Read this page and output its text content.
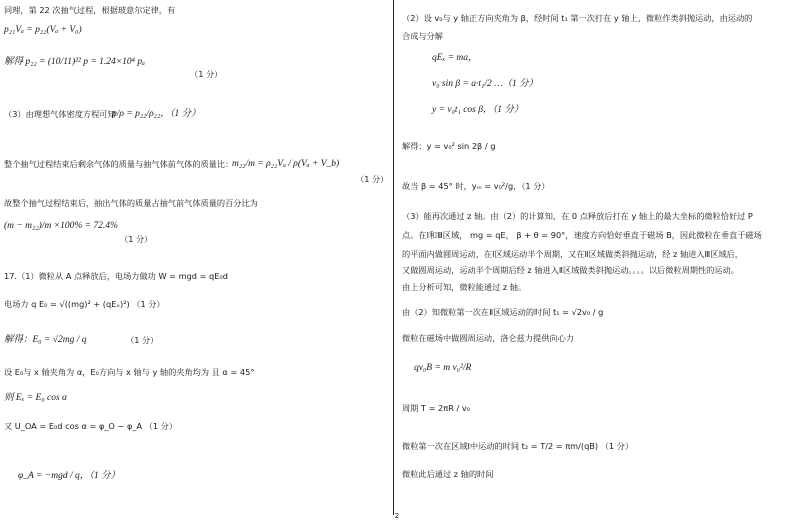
同理，第 22 次抽气过程，根据玻意尔定律，有
p₂₁Vₐ = p₂₂(Vₐ + V₀)
解得 p₂₂ = (10/11)²² p = 1.24×10⁴ pₐ
（1 分）
（3）由理想气体密度方程可知
p/ρ = p₂₂/ρ₂₂，（1 分）
整个抽气过程结束后剩余气体的质量与抽气体前气体的质量比：
m₂₂/m = ρ₂₂Vₐ / ρ(Vₐ + V_b)
（1 分）
故整个抽气过程结束后，抽出气体的质量占抽气前气体质量的百分比为
(m − m₂₂)/m ×100% = 72.4%
（1 分）
17.（1）微粒从 A 点释放后，电场力做功 W = mgd = qE₀d
电场力 q E₀ = √((mg)² + (qEₓ)²) （1 分）
解得：E₀ = √2mg / q	（1 分）
设 E₀与 x 轴夹角为 α，E₀方向与 x 轴与 y 轴的夹角均为 且 α = 45°
则 Eₓ = E₀ cos α
又 U_OA = E₀d cos α = φ_O − φ_A （1 分）
φ_A = −mgd / q，（1 分）
（2）设 v₀与 y 轴正方向夹角为 β，经时间 t₁ 第一次打在 y 轴上，微粒作类斜抛运动，由运动的
合成与分解
qEₓ = ma，
v₀ sin β = a·t₁/2 …（1 分）
y = v₀t₁ cos β，（1 分）
解得：y = v₀² sin 2β / g
故当 β = 45° 时，yₘ = v₀²/g，（1 分）
（3）能再次通过 z 轴。由（2）的计算知，在 0 点释放后打在 y 轴上的最大坐标的微粒恰好过 P
点。在Ⅰ和Ⅲ区域， mg = qE， β + θ = 90°，速度方向恰好垂直于磁场 B，因此微粒在垂直于磁场
的平面内做圆周运动，在Ⅰ区域运动半个周期，又在Ⅱ区域做类斜抛运动，经 z 轴进入Ⅲ区域后，
又做圆周运动，运动半个周期后经 z 轴进入Ⅱ区域做类斜抛运动。。。。以后微粒周期性的运动。
由上分析可知，微粒能通过 z 轴。
由（2）知微粒第一次在Ⅱ区域运动的时间 t₁ = √2v₀ / g
微粒在磁场中做圆周运动，洛仑兹力提供向心力
qv₀B = m v₀²/R
周期 T = 2πR / v₀
微粒第一次在区域Ⅰ中运动的时间 t₂ = T/2 = πm/(qB) （1 分）
微粒此后通过 z 轴的时间
2
